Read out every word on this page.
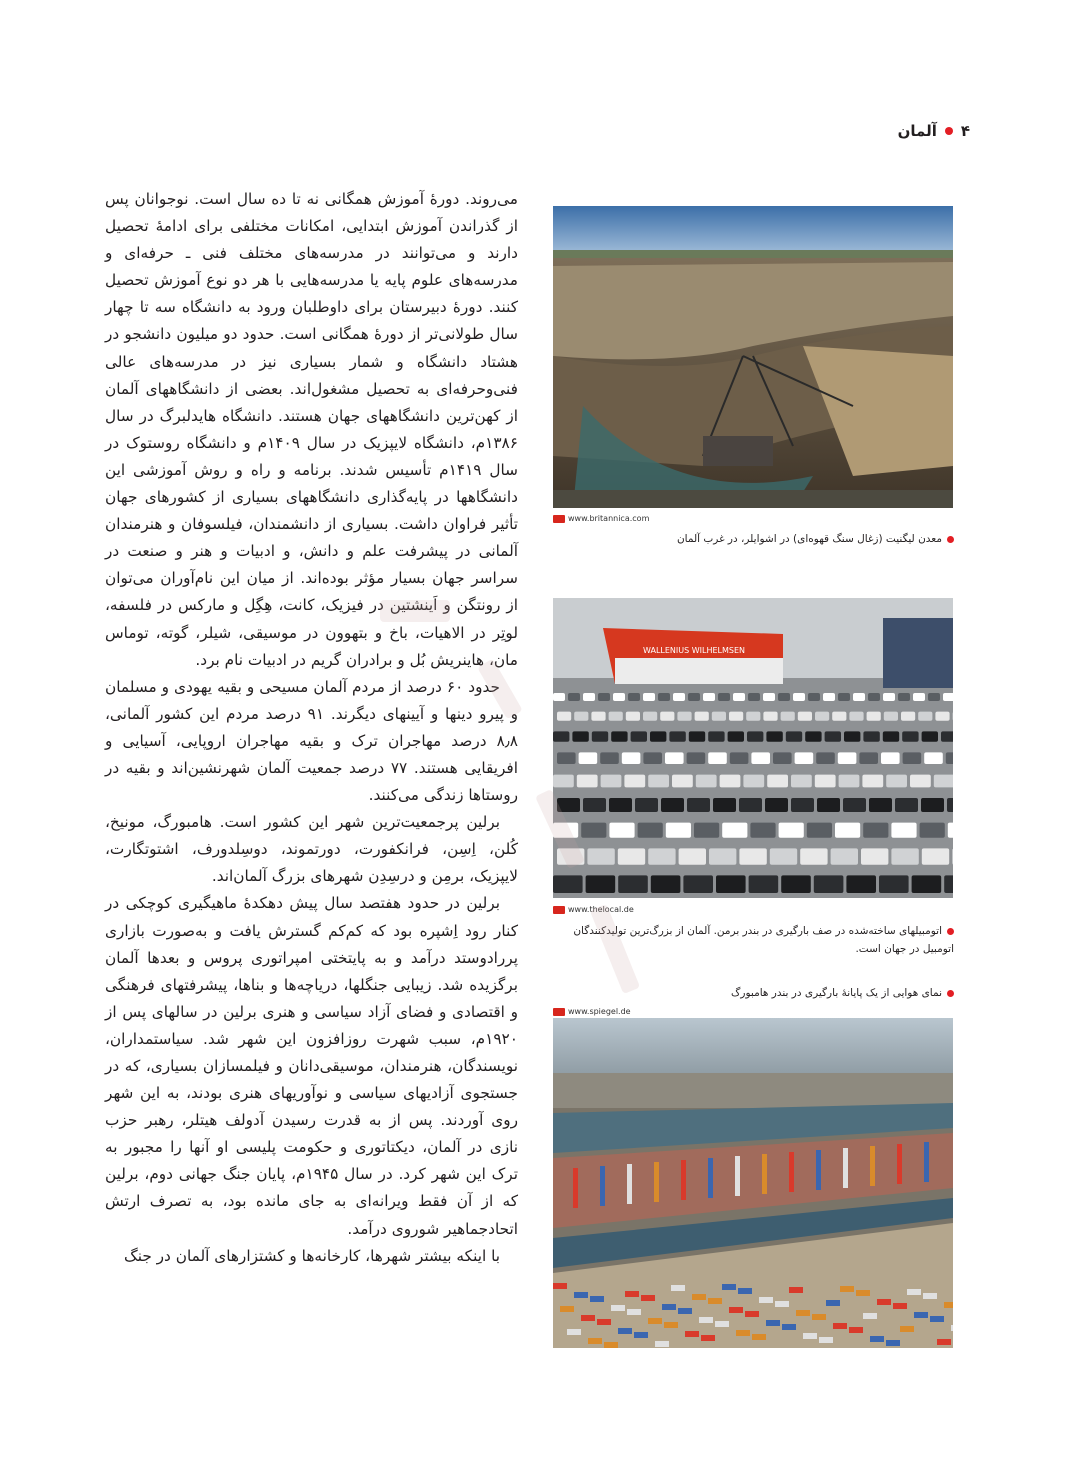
۴
آلمان

می‌روند. دورهٔ آموزش همگانی نه تا ده سال است. نوجوانان پس از گذراندن آموزش ابتدایی، امکانات مختلفی برای ادامهٔ تحصیل دارند و می‌توانند در مدرسه‌های مختلف فنی ـ حرفه‌ای و مدرسه‌های علوم پایه یا مدرسه‌هایی با هر دو نوع آموزش تحصیل کنند. دورهٔ دبیرستان برای داوطلبان ورود به دانشگاه سه تا چهار سال طولانی‌تر از دورهٔ همگانی است. حدود دو میلیون دانشجو در هشتاد دانشگاه و شمار بسیاری نیز در مدرسه‌های عالی فنی‌وحرفه‌ای به تحصیل مشغول‌اند. بعضی از دانشگاههای آلمان از کهن‌ترین دانشگاههای جهان هستند. دانشگاه هایدلبرگ در سال ۱۳۸۶م، دانشگاه لایپزیک در سال ۱۴۰۹م و دانشگاه روستوک در سال ۱۴۱۹م تأسیس شدند. برنامه و راه و روش آموزشی این دانشگاهها در پایه‌گذاری دانشگاههای بسیاری از کشورهای جهان تأثیر فراوان داشت. بسیاری از دانشمندان، فیلسوفان و هنرمندان آلمانی در پیشرفت علم و دانش، و ادبیات و هنر و صنعت در سراسر جهان بسیار مؤثر بوده‌اند. از میان این نام‌آوران می‌توان از رونتگن و اَینشتین در فیزیک، کانت، هِگِل و مارکس در فلسفه، لوتِر در الاهیات، باخ و بتهوون در موسیقی، شیلر، گوته، توماس مان، هاینریش بُل و برادران گریم در ادبیات نام برد.

حدود ۶۰ درصد از مردم آلمان مسیحی و بقیه یهودی و مسلمان و پیرو دینها و آیینهای دیگرند. ۹۱ درصد مردم این کشور آلمانی، ۸٫۸ درصد مهاجران ترک و بقیه مهاجران اروپایی، آسیایی و افریقایی هستند. ۷۷ درصد جمعیت آلمان شهرنشین‌اند و بقیه در روستاها زندگی می‌کنند.

برلین پرجمعیت‌ترین شهر این کشور است. هامبورگ، مونیخ، کُلن، اِسِن، فرانکفورت، دورتموند، دوسِلدورف، اشتوتگارت، لایپزیک، برمِن و درسِدِن شهرهای بزرگ آلمان‌اند.

برلین در حدود هفتصد سال پیش دهکدهٔ ماهیگیری کوچکی در کنار رود اِشپره بود که کم‌کم گسترش یافت و به‌صورت بازاری پررادوستد درآمد و به پایتختی امپراتوری پروس و بعدها آلمان برگزیده شد. زیبایی جنگلها، دریاچه‌ها و بناها، پیشرفتهای فرهنگی و اقتصادی و فضای آزاد سیاسی و هنری برلین در سالهای پس از ۱۹۲۰م، سبب شهرت روزافزون این شهر شد. سیاستمداران، نویسندگان، هنرمندان، موسیقی‌دانان و فیلمسازان بسیاری، که در جستجوی آزادیهای سیاسی و نوآوریهای هنری بودند، به این شهر روی آوردند. پس از به قدرت رسیدن آدولف هیتلر، رهبر حزب نازی در آلمان، دیکتاتوری و حکومت پلیسی او آنها را مجبور به ترک این شهر کرد. در سال ۱۹۴۵م، پایان جنگ جهانی دوم، برلین که از آن فقط ویرانه‌ای به جای مانده بود، به تصرف ارتش اتحادجماهیر شوروی درآمد.

با اینکه بیشتر شهرها، کارخانه‌ها و کشتزارهای آلمان در جنگ

www.britannica.com
معدن لیگنیت (زغال سنگ قهوه‌ای) در اشوایلر، در غرب آلمان
WALLENIUS WILHELMSEN
www.thelocal.de
اتومبیلهای ساخته‌شده در صف بارگیری در بندر برمن. آلمان از بزرگ‌ترین تولیدکنندگان اتومبیل در جهان است.
نمای هوایی از یک پایانهٔ بارگیری در بندر هامبورگ
www.spiegel.de
